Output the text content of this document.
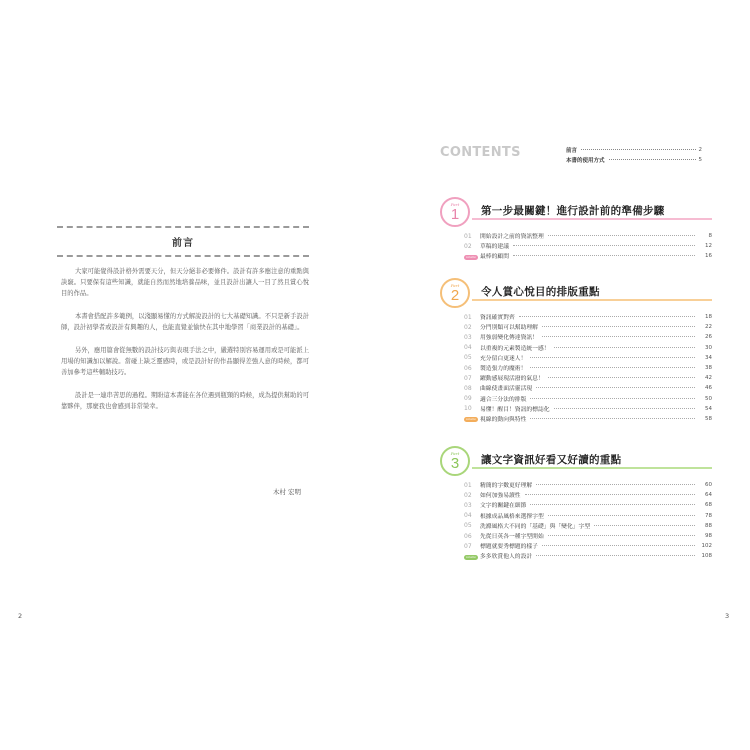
前言

大家可能覺得設計格外需要天分，但天分絕非必要條件。設計有許多應注意的重點與訣竅。只要保有這些知識，就能自然而然地培養品味，並且設計出讓人一目了然且賞心悅目的作品。

本書會搭配許多範例，以淺顯易懂的方式解說設計的七大基礎知識。不只是新手設計師，設計初學者或設計有興趣的人，也能直覺並愉快在其中地學習「商業設計的基礎」。

另外，應用篇會從無數的設計技巧與表現手法之中，嚴選特別容易運用或是可能派上用場的知識加以解說。當碰上缺乏靈感時，或是設計好的作品顯得差強人意的時候，都可善加參考這些輔助技巧。

設計是一連串苦思的過程。期盼這本書能在各位遇到瓶頸的時候，成為提供幫助的可靠夥伴，那麼我也會感到非常榮幸。

木村 宏明
2
CONTENTS	前言	2
本書的使用方式	5
Part
1 第一步最關鍵！進行設計前的準備步驟
01	開始設計之前的資訊整理	8
02	草稿的建議	12
column 最棒的顧問	16
Part
2 令人賞心悅目的排版重點
01	資訊確實對齊	18
02	分門別類可以幫助理解	22
03	用強弱變化傳達資訊！	26
04	以重複的元素製造統一感！	30
05	充分留白更迷人！	34
06	製造張力的魔術！	38
07	躍動感展現活潑的氣息！	42
08	曲線使畫面活靈活現	46
09	適合三分法的排版	50
10	易懂！醒目！資訊的標誌化	54
column 視線的動向與特性	58
Part
3 讓文字資訊好看又好讀的重點
01	精簡的字數更好理解	60
02	如何加強易讀性	64
03	文字的關鍵在細節	68
04	根據成品風格來選擇字型	78
05	洗滌風格大不同的「基礎」與「變化」字型	88
06	先從日英各一種字型開始	98
07	標題就要秀標題的樣子	102
column 多多欣賞他人的設計	108
3
